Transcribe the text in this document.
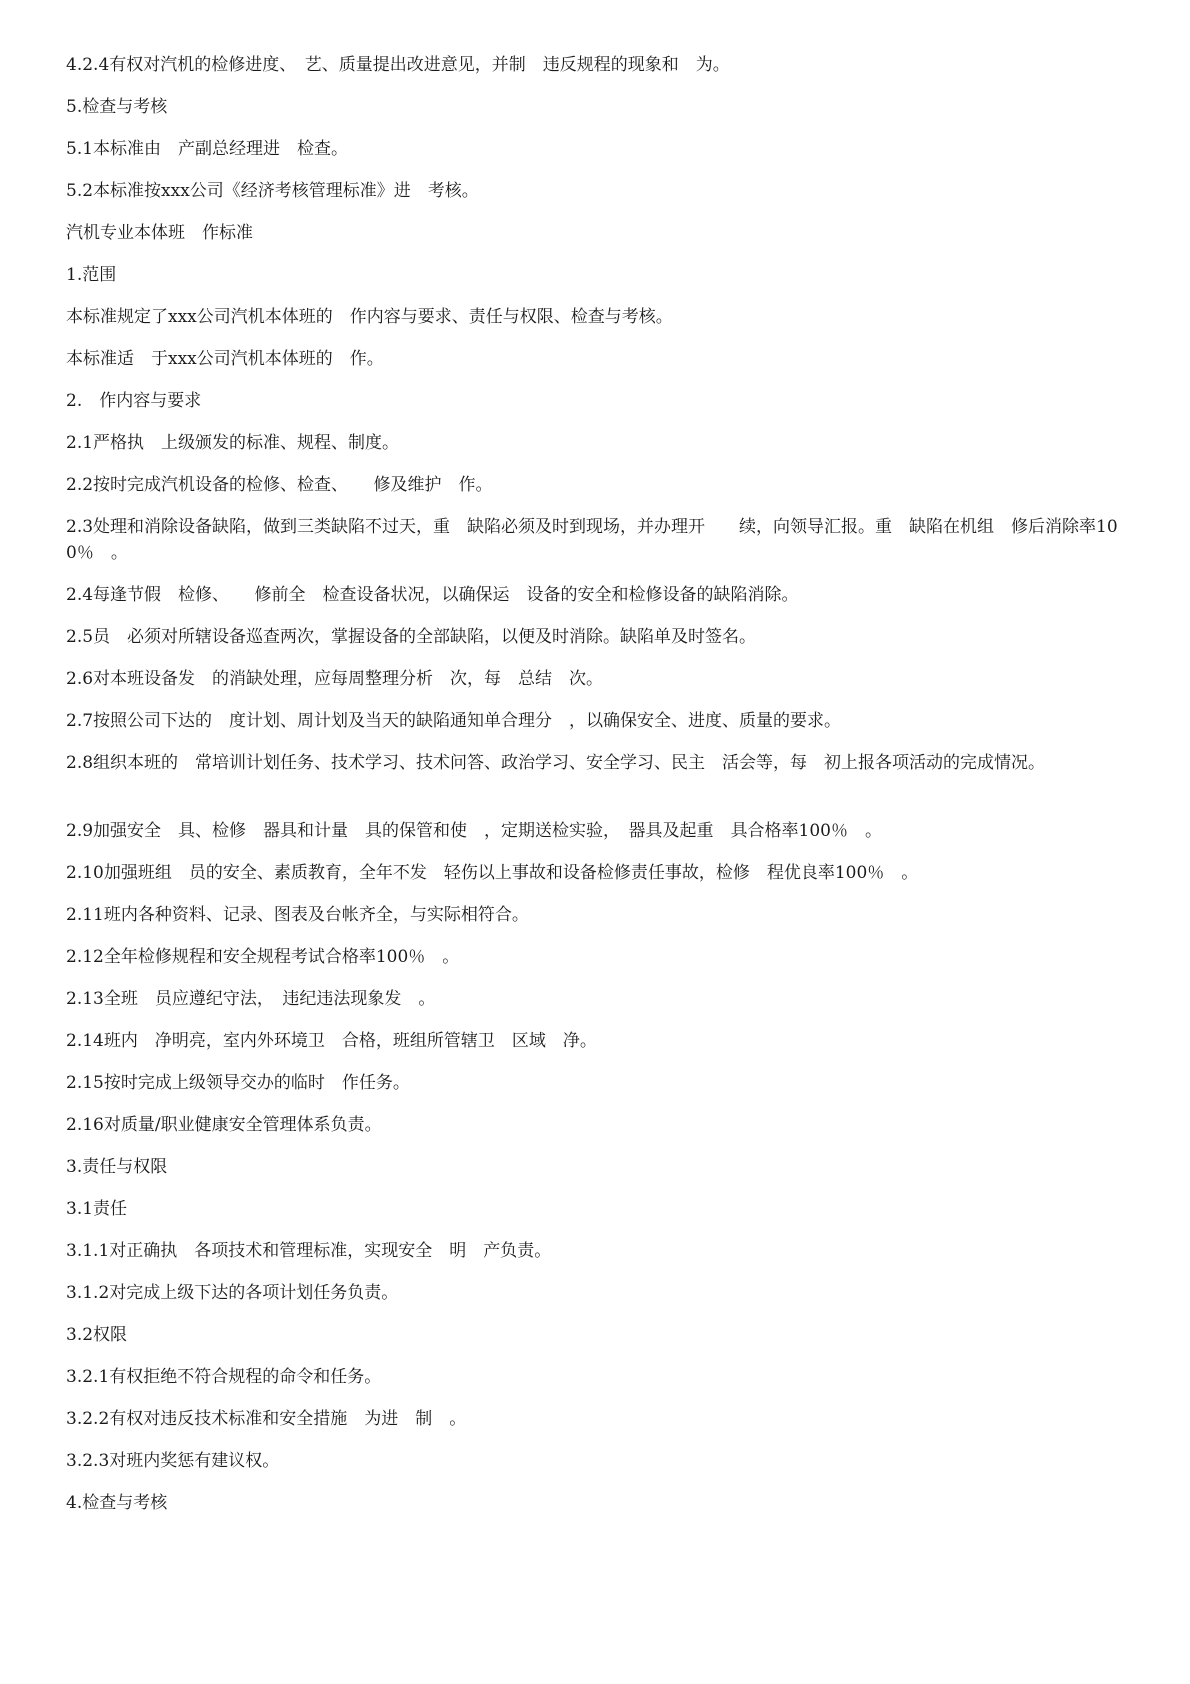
4.2.4有权对汽机的检修进度、　艺、质量提出改进意见，并制　违反规程的现象和　为。

5.检查与考核

5.1本标准由　产副总经理进　检查。

5.2本标准按xxx公司《经济考核管理标准》进　考核。

汽机专业本体班　作标准

1.范围

本标准规定了xxx公司汽机本体班的　作内容与要求、责任与权限、检查与考核。

本标准适　于xxx公司汽机本体班的　作。

2.　作内容与要求

2.1严格执　上级颁发的标准、规程、制度。

2.2按时完成汽机设备的检修、检查、　　修及维护　作。

2.3处理和消除设备缺陷，做到三类缺陷不过天，重　缺陷必须及时到现场，并办理开　　续，向领导汇报。重　缺陷在机组　修后消除率100％　。

2.4每逢节假　检修、　　修前全　检查设备状况，以确保运　设备的安全和检修设备的缺陷消除。

2.5员　必须对所辖设备巡查两次，掌握设备的全部缺陷，以便及时消除。缺陷单及时签名。

2.6对本班设备发　的消缺处理，应每周整理分析　次，每　总结　次。

2.7按照公司下达的　度计划、周计划及当天的缺陷通知单合理分　，以确保安全、进度、质量的要求。

2.8组织本班的　常培训计划任务、技术学习、技术问答、政治学习、安全学习、民主　活会等，每　初上报各项活动的完成情况。

2.9加强安全　具、检修　器具和计量　具的保管和使　，定期送检实验，　器具及起重　具合格率100％　。

2.10加强班组　员的安全、素质教育，全年不发　轻伤以上事故和设备检修责任事故，检修　程优良率100％　。

2.11班内各种资料、记录、图表及台帐齐全，与实际相符合。

2.12全年检修规程和安全规程考试合格率100％　。

2.13全班　员应遵纪守法，　违纪违法现象发　。

2.14班内　净明亮，室内外环境卫　合格，班组所管辖卫　区域　净。

2.15按时完成上级领导交办的临时　作任务。

2.16对质量/职业健康安全管理体系负责。

3.责任与权限

3.1责任

3.1.1对正确执　各项技术和管理标准，实现安全　明　产负责。

3.1.2对完成上级下达的各项计划任务负责。

3.2权限

3.2.1有权拒绝不符合规程的命令和任务。

3.2.2有权对违反技术标准和安全措施　为进　制　。

3.2.3对班内奖惩有建议权。

4.检查与考核
